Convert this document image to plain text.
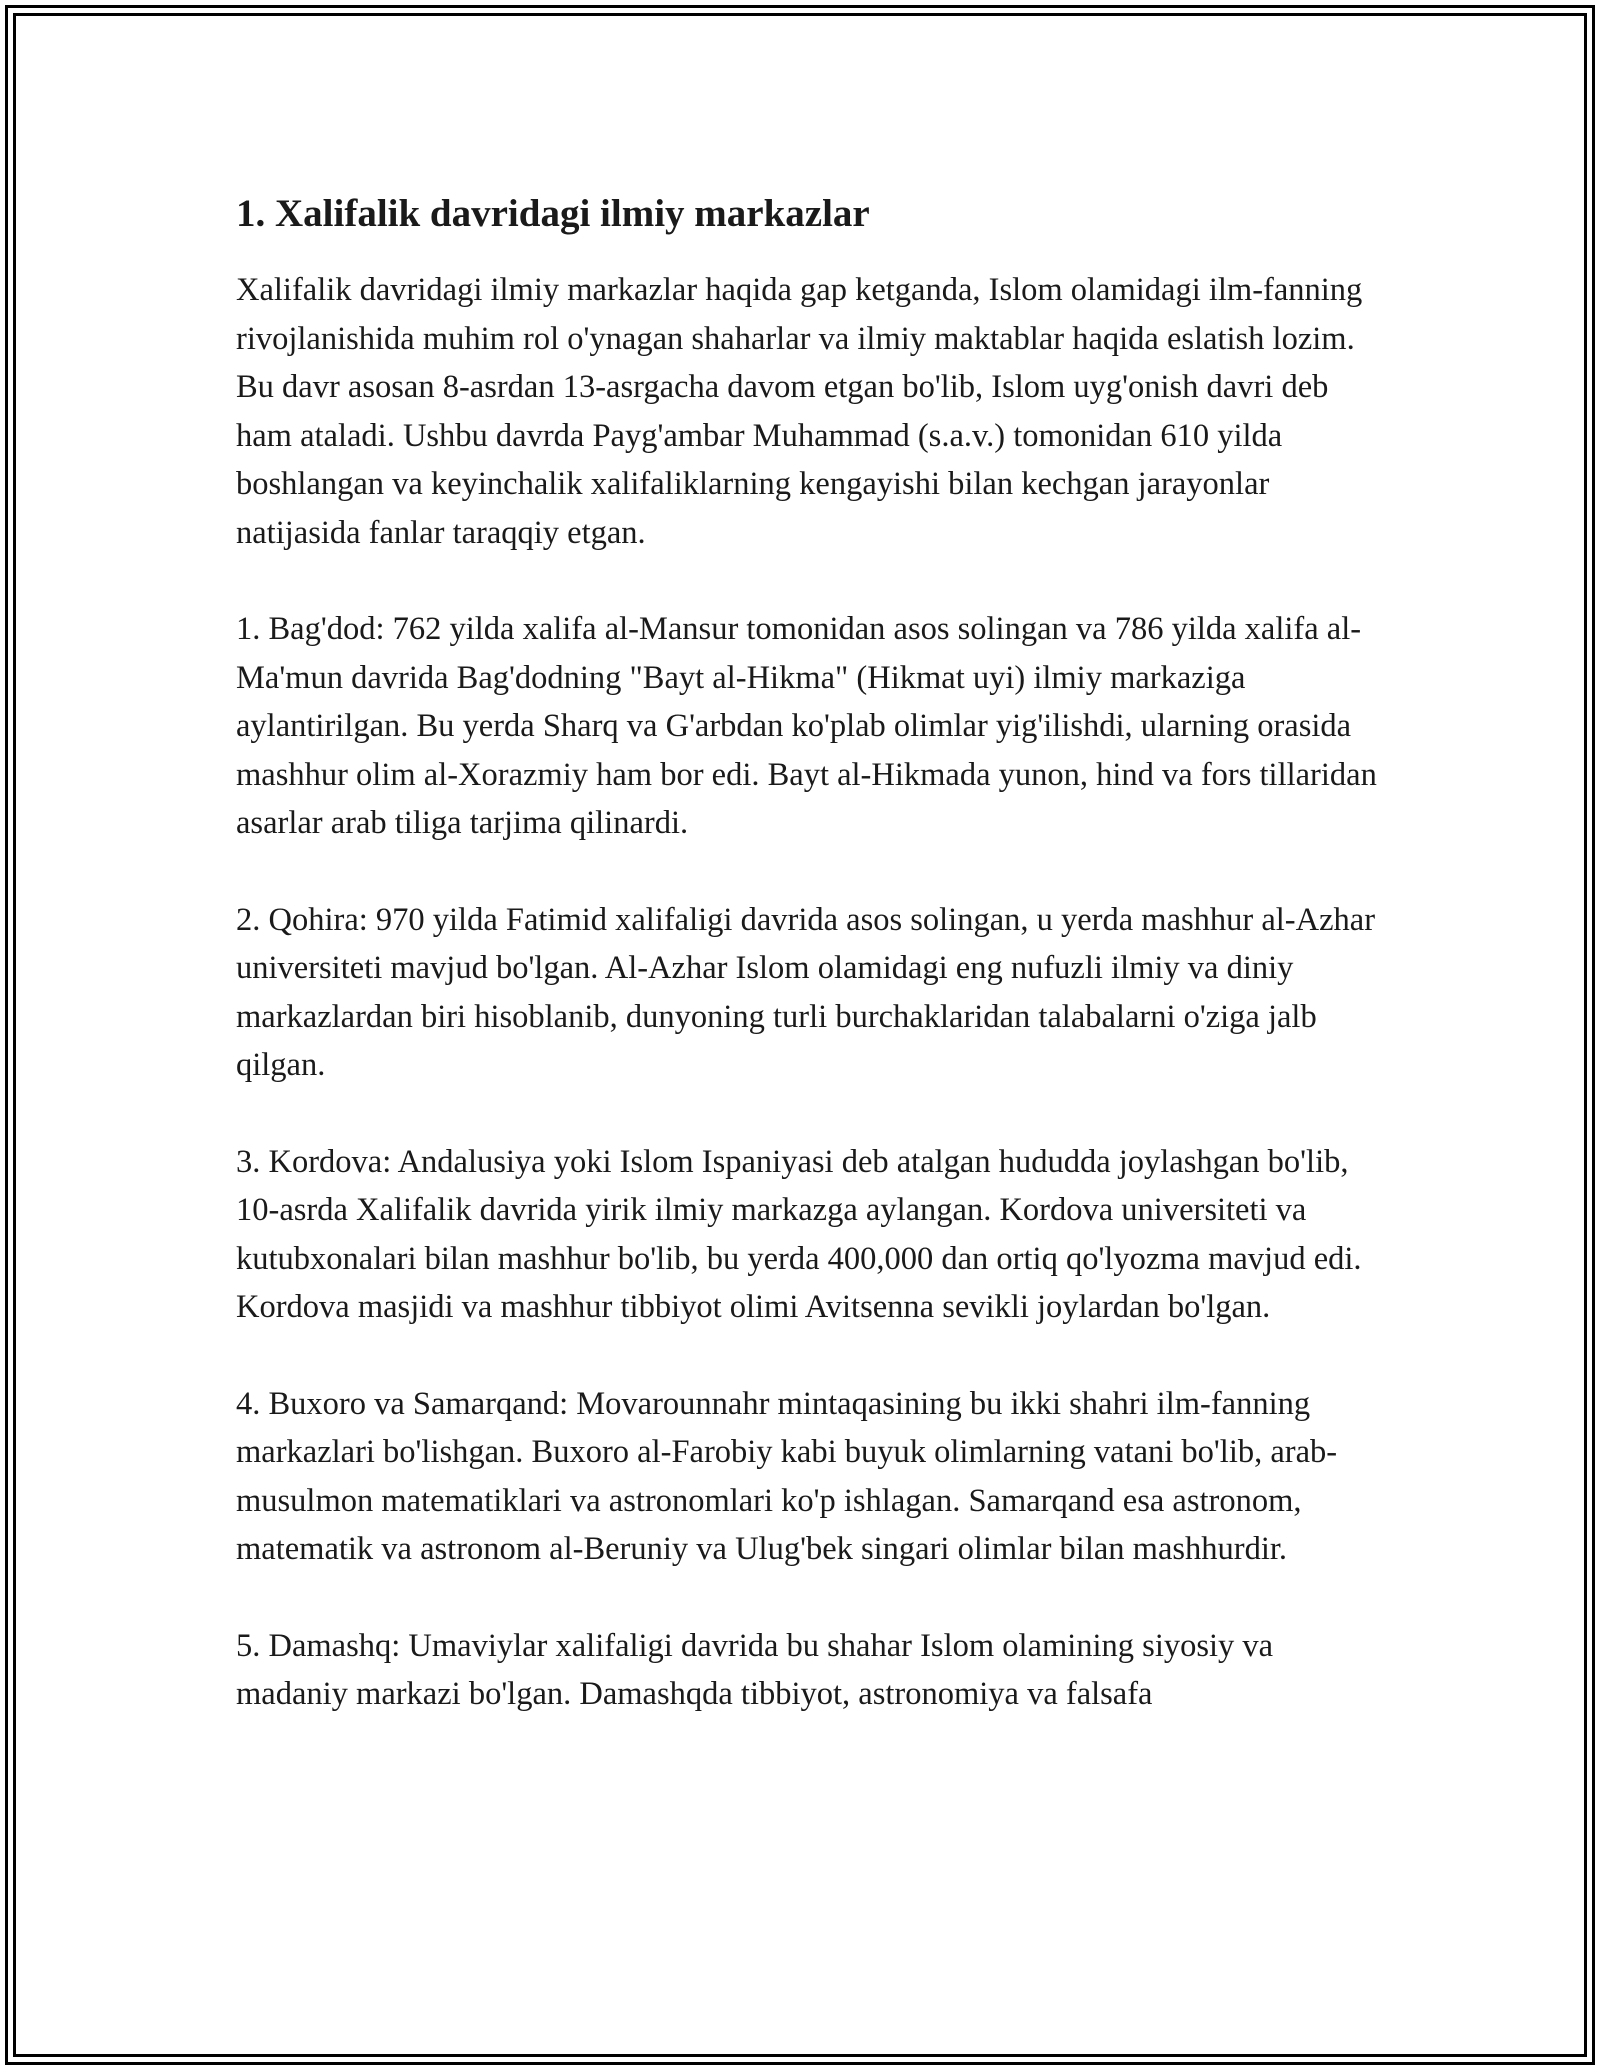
1. Xalifalik davridagi ilmiy markazlar

Xalifalik davridagi ilmiy markazlar haqida gap ketganda, Islom olamidagi ilm-fanning rivojlanishida muhim rol o'ynagan shaharlar va ilmiy maktablar haqida eslatish lozim. Bu davr asosan 8-asrdan 13-asrgacha davom etgan bo'lib, Islom uyg'onish davri deb ham ataladi. Ushbu davrda Payg'ambar Muhammad (s.a.v.) tomonidan 610 yilda boshlangan va keyinchalik xalifaliklarning kengayishi bilan kechgan jarayonlar natijasida fanlar taraqqiy etgan.

1. Bag'dod: 762 yilda xalifa al-Mansur tomonidan asos solingan va 786 yilda xalifa al-Ma'mun davrida Bag'dodning "Bayt al-Hikma" (Hikmat uyi) ilmiy markaziga aylantirilgan. Bu yerda Sharq va G'arbdan ko'plab olimlar yig'ilishdi, ularning orasida mashhur olim al-Xorazmiy ham bor edi. Bayt al-Hikmada yunon, hind va fors tillaridan asarlar arab tiliga tarjima qilinardi.

2. Qohira: 970 yilda Fatimid xalifaligi davrida asos solingan, u yerda mashhur al-Azhar universiteti mavjud bo'lgan. Al-Azhar Islom olamidagi eng nufuzli ilmiy va diniy markazlardan biri hisoblanib, dunyoning turli burchaklaridan talabalarni o'ziga jalb qilgan.

3. Kordova: Andalusiya yoki Islom Ispaniyasi deb atalgan hududda joylashgan bo'lib, 10-asrda Xalifalik davrida yirik ilmiy markazga aylangan. Kordova universiteti va kutubxonalari bilan mashhur bo'lib, bu yerda 400,000 dan ortiq qo'lyozma mavjud edi. Kordova masjidi va mashhur tibbiyot olimi Avitsenna sevikli joylardan bo'lgan.

4. Buxoro va Samarqand: Movarounnahr mintaqasining bu ikki shahri ilm-fanning markazlari bo'lishgan. Buxoro al-Farobiy kabi buyuk olimlarning vatani bo'lib, arab-musulmon matematiklari va astronomlari ko'p ishlagan. Samarqand esa astronom, matematik va astronom al-Beruniy va Ulug'bek singari olimlar bilan mashhurdir.

5. Damashq: Umaviylar xalifaligi davrida bu shahar Islom olamining siyosiy va madaniy markazi bo'lgan. Damashqda tibbiyot, astronomiya va falsafa
